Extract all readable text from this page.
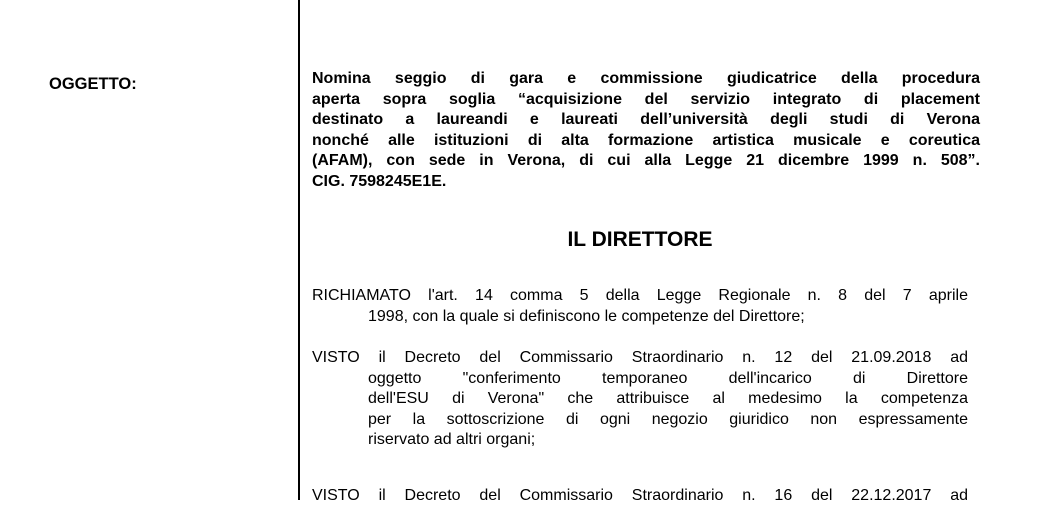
OGGETTO:	Nomina seggio di gara e commissione giudicatrice della procedura
aperta sopra soglia “acquisizione del servizio integrato di placement
destinato a laureandi e laureati dell’università degli studi di Verona
nonché alle istituzioni di alta formazione artistica musicale e coreutica
(AFAM), con sede in Verona, di cui alla Legge 21 dicembre 1999 n. 508”.
CIG. 7598245E1E.
IL DIRETTORE
RICHIAMATO l'art. 14 comma 5 della Legge Regionale n. 8 del 7 aprile
1998, con la quale si definiscono le competenze del Direttore;
VISTO il Decreto del Commissario Straordinario n. 12 del 21.09.2018 ad
oggetto "conferimento temporaneo dell'incarico di Direttore
dell'ESU di Verona" che attribuisce al medesimo la competenza
per la sottoscrizione di ogni negozio giuridico non espressamente
riservato ad altri organi;
VISTO il Decreto del Commissario Straordinario n. 16 del 22.12.2017 ad
